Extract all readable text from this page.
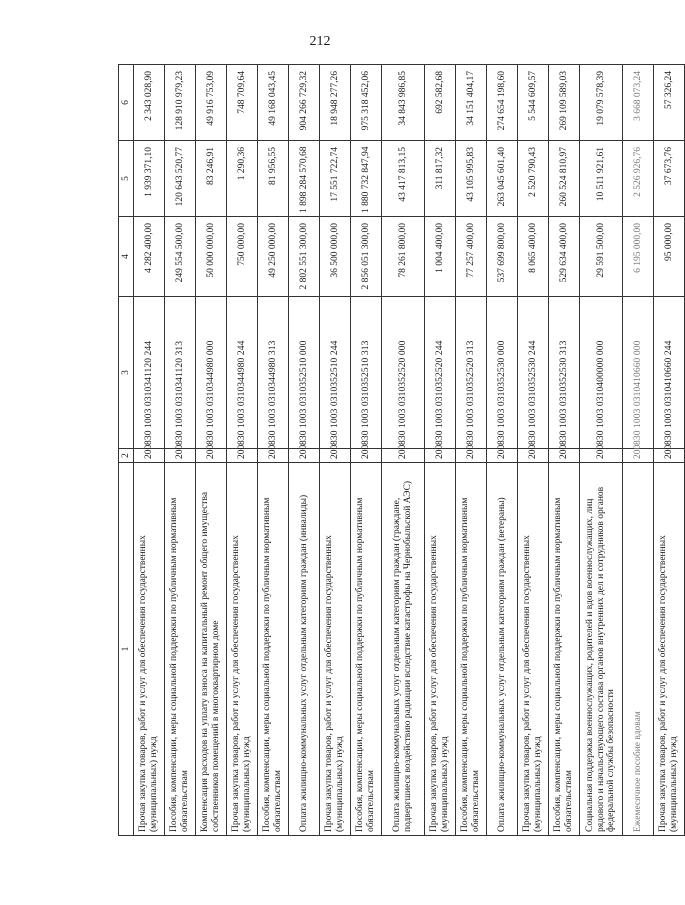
212
1	2	3	4	5	6
Прочая закупка товаров, работ и услуг для обеспечения государственных (муниципальных) нужд	200	830 1003 0310341120 244	4 282 400,00	1 939 371,10	2 343 028,90
Пособия, компенсации, меры социальной поддержки по публичным нормативным обязательствам	200	830 1003 0310341120 313	249 554 500,00	120 643 520,77	128 910 979,23
Компенсация расходов на уплату взноса на капитальный ремонт общего имущества собственников помещений в многоквартирном доме	200	830 1003 0310344980 000	50 000 000,00	83 246,91	49 916 753,09
Прочая закупка товаров, работ и услуг для обеспечения государственных (муниципальных) нужд	200	830 1003 0310344980 244	750 000,00	1 290,36	748 709,64
Пособия, компенсации, меры социальной поддержки по публичным нормативным обязательствам	200	830 1003 0310344980 313	49 250 000,00	81 956,55	49 168 043,45
Оплата жилищно-коммунальных услуг отдельным категориям граждан (инвалиды)	200	830 1003 0310352510 000	2 802 551 300,00	1 898 284 570,68	904 266 729,32
Прочая закупка товаров, работ и услуг для обеспечения государственных (муниципальных) нужд	200	830 1003 0310352510 244	36 500 000,00	17 551 722,74	18 948 277,26
Пособия, компенсации, меры социальной поддержки по публичным нормативным обязательствам	200	830 1003 0310352510 313	2 856 051 300,00	1 880 732 847,94	975 318 452,06
Оплата жилищно-коммунальных услуг отдельным категориям граждан (граждане, подвергшиеся воздействию радиации вследствие катастрофы на Чернобыльской АЭС)	200	830 1003 0310352520 000	78 261 800,00	43 417 813,15	34 843 986,85
Прочая закупка товаров, работ и услуг для обеспечения государственных (муниципальных) нужд	200	830 1003 0310352520 244	1 004 400,00	311 817,32	692 582,68
Пособия, компенсации, меры социальной поддержки по публичным нормативным обязательствам	200	830 1003 0310352520 313	77 257 400,00	43 105 995,83	34 151 404,17
Оплата жилищно-коммунальных услуг отдельным категориям граждан (ветераны)	200	830 1003 0310352530 000	537 699 800,00	263 045 601,40	274 654 198,60
Прочая закупка товаров, работ и услуг для обеспечения государственных (муниципальных) нужд	200	830 1003 0310352530 244	8 065 400,00	2 520 790,43	5 544 609,57
Пособия, компенсации, меры социальной поддержки по публичным нормативным обязательствам	200	830 1003 0310352530 313	529 634 400,00	260 524 810,97	269 109 589,03
Социальная поддержка военнослужащих, родителей и вдов военнослужащих, лиц рядового и начальствующего состава органов внутренних дел и сотрудников органов федеральной службы безопасности	200	830 1003 0310400000 000	29 591 500,00	10 511 921,61	19 079 578,39
Ежемесячное пособие вдовам	200	830 1003 0310410660 000	6 195 000,00	2 526 926,76	3 668 073,24
Прочая закупка товаров, работ и услуг для обеспечения государственных (муниципальных) нужд	200	830 1003 0310410660 244	95 000,00	37 673,76	57 326,24
